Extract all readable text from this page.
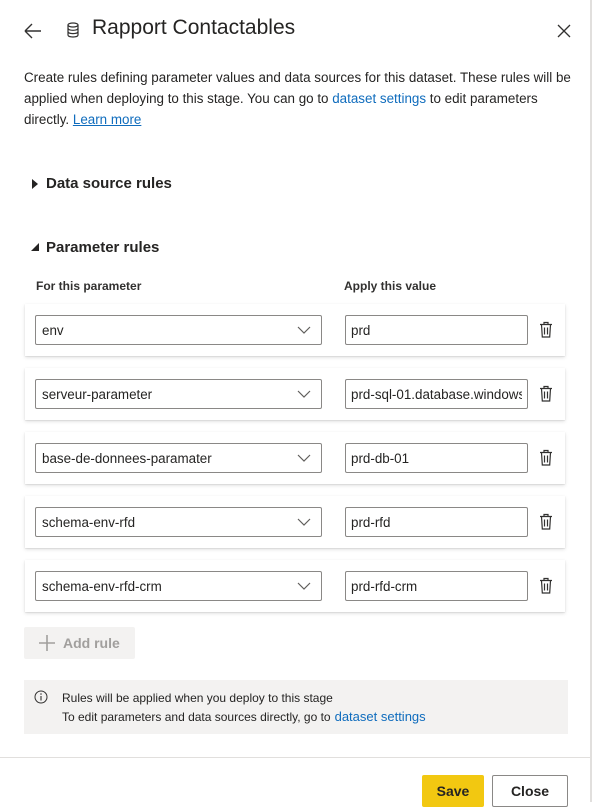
Rapport Contactables
Create rules defining parameter values and data sources for this dataset. These rules will be applied when deploying to this stage. You can go to dataset settings to edit parameters directly. Learn more
Data source rules
Parameter rules
For this parameter	Apply this value
env
prd
serveur-parameter
prd-sql-01.database.windows.net
base-de-donnees-paramater
prd-db-01
schema-env-rfd
prd-rfd
schema-env-rfd-crm
prd-rfd-crm
Add rule
Rules will be applied when you deploy to this stage
To edit parameters and data sources directly, go to dataset settings
Save	Close
